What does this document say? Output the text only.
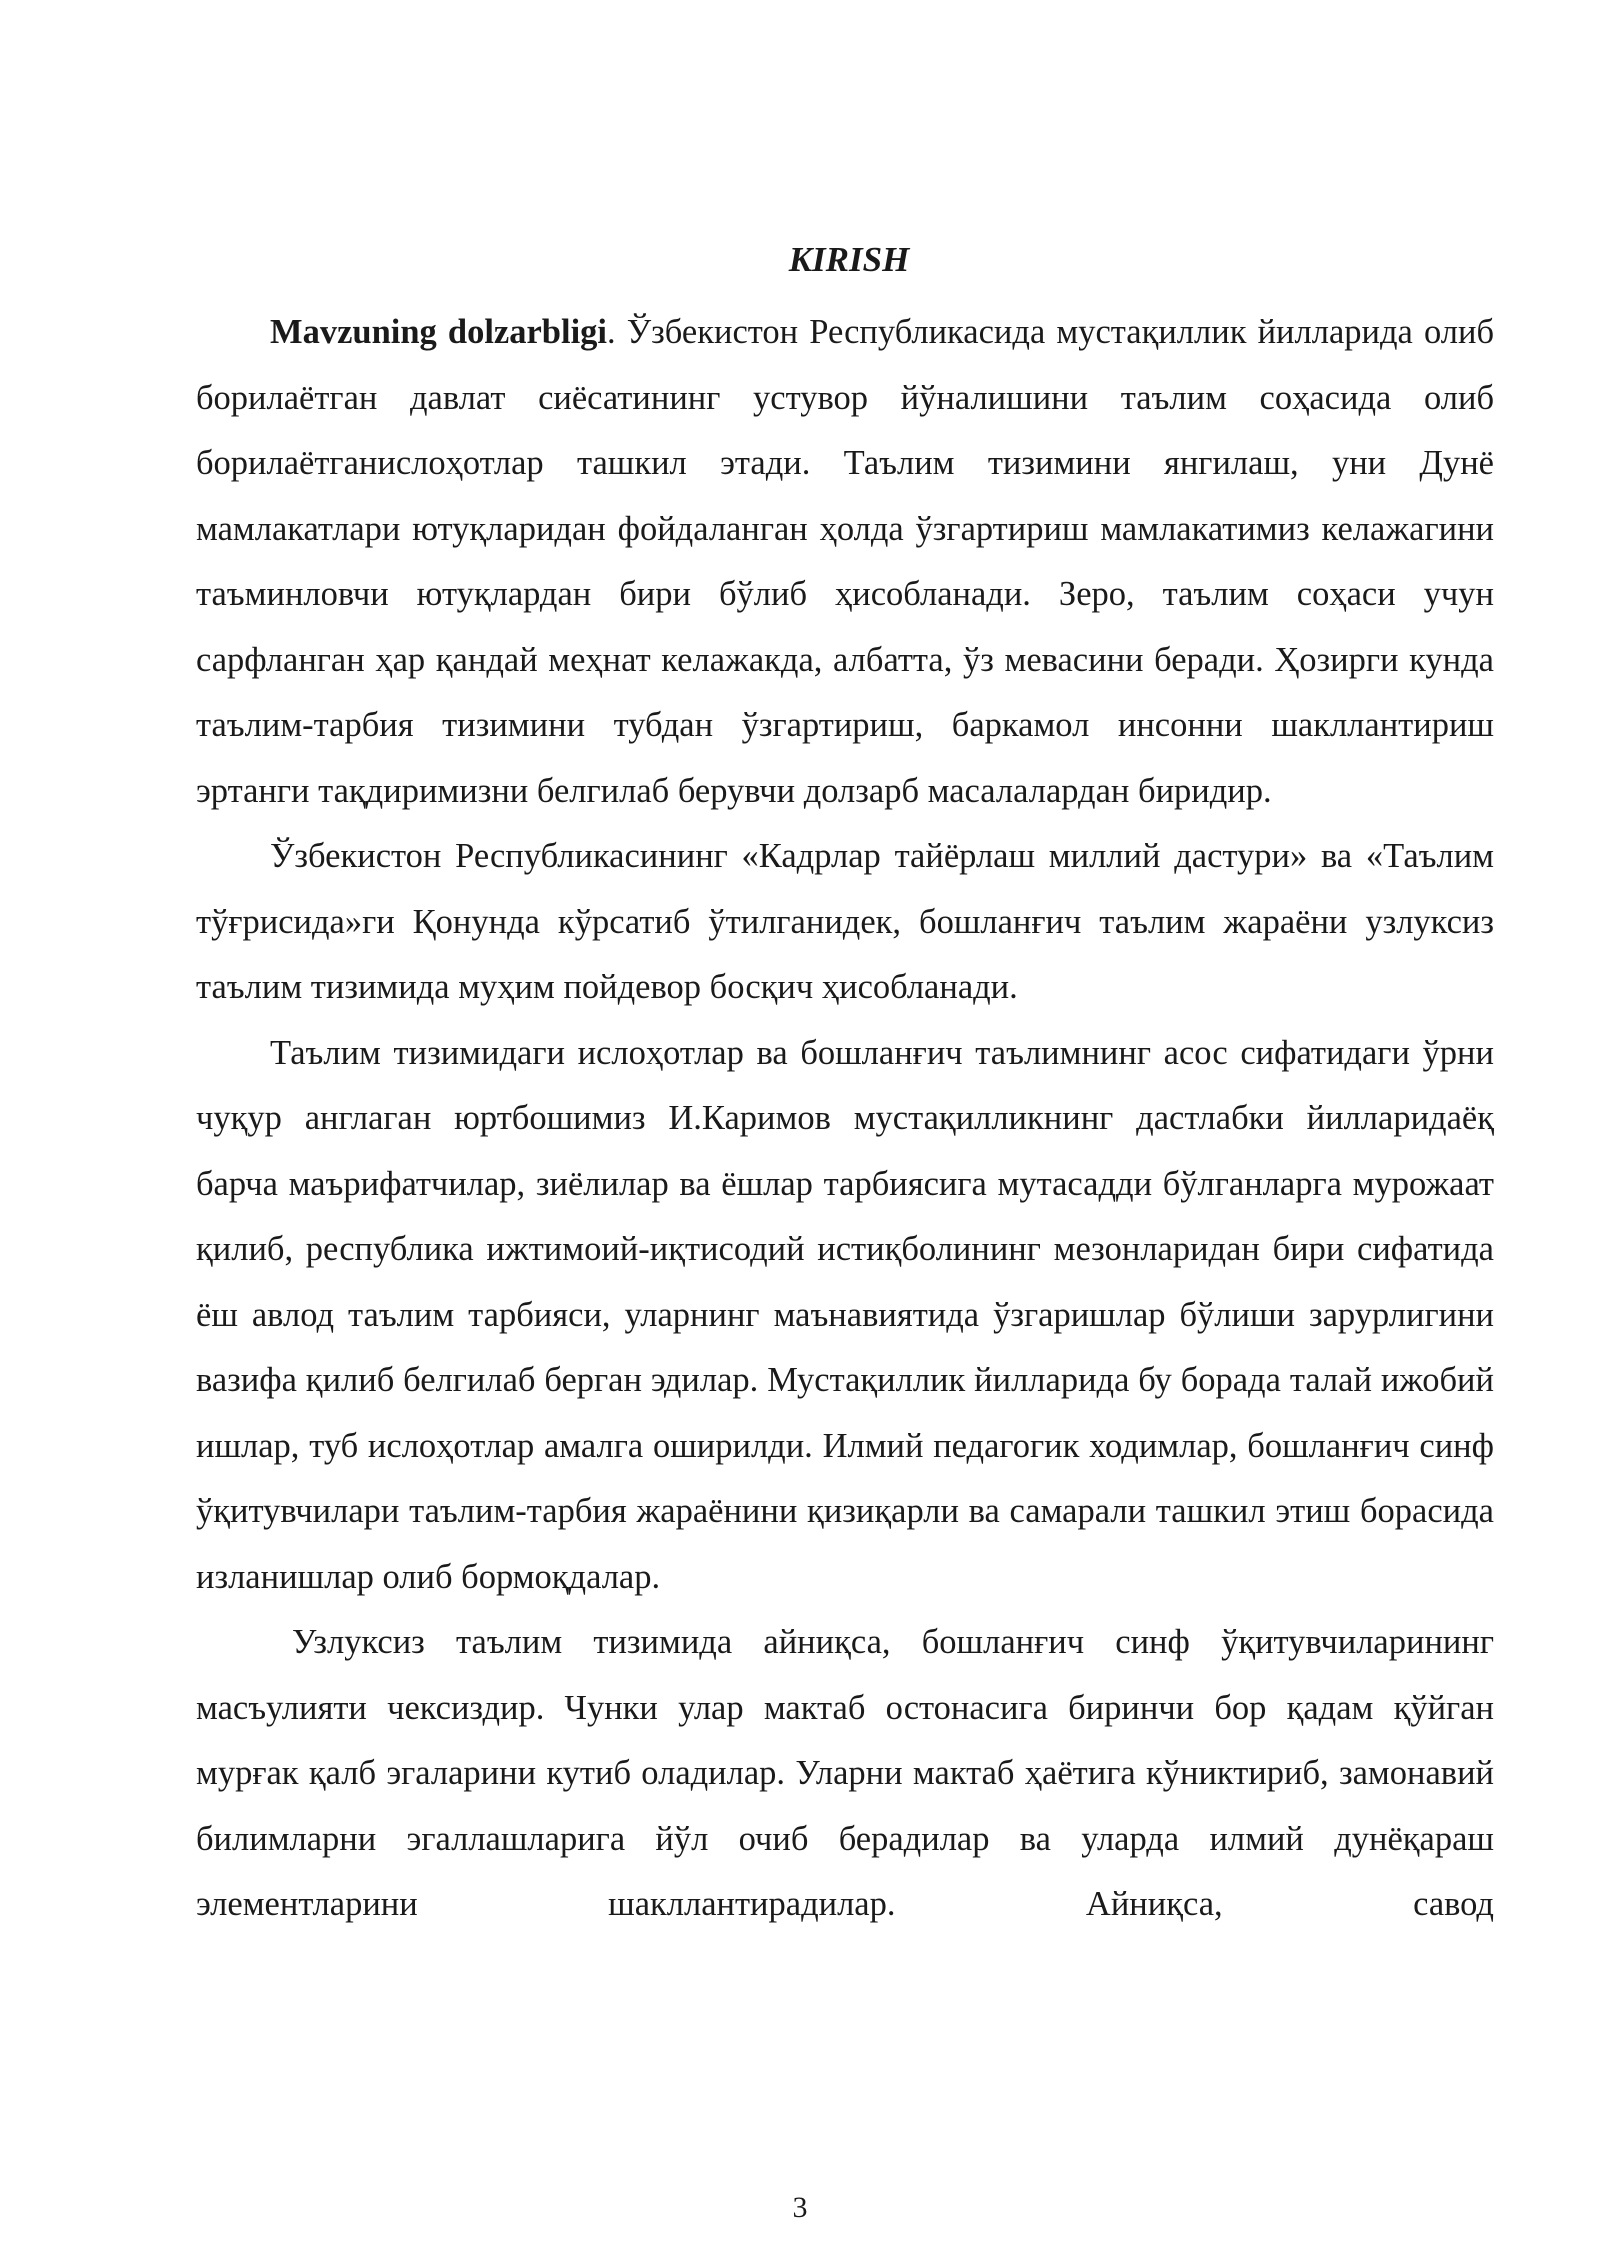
KIRISH

Mavzuning dolzarbligi. Ўзбекистон Республикасида мустақиллик йилларида олиб борилаётган давлат сиёсатининг устувор йўналишини таълим соҳасида олиб борилаётганислоҳотлар ташкил этади. Таълим тизимини янгилаш, уни Дунё мамлакатлари ютуқларидан фойдаланган ҳолда ўзгартириш мамлакатимиз келажагини таъминловчи ютуқлардан бири бўлиб ҳисобланади. Зеро, таълим соҳаси учун сарфланган ҳар қандай меҳнат келажакда, албатта, ўз мевасини беради. Ҳозирги кунда таълим-тарбия тизимини тубдан ўзгартириш, баркамол инсонни шакллантириш эртанги тақдиримизни белгилаб берувчи долзарб масалалардан биридир.

Ўзбекистон Республикасининг «Кадрлар тайёрлаш миллий дастури» ва «Таълим тўғрисида»ги Қонунда кўрсатиб ўтилганидек, бошланғич таълим жараёни узлуксиз таълим тизимида муҳим пойдевор босқич ҳисобланади.

Таълим тизимидаги ислоҳотлар ва бошланғич таълимнинг асос сифатидаги ўрни чуқур англаган юртбошимиз И.Каримов мустақилликнинг дастлабки йилларидаёқ барча маърифатчилар, зиёлилар ва ёшлар тарбиясига мутасадди бўлганларга мурожаат қилиб, республика ижтимоий-иқтисодий истиқболининг мезонларидан бири сифатида ёш авлод таълим тарбияси, уларнинг маънавиятида ўзгаришлар бўлиши зарурлигини вазифа қилиб белгилаб берган эдилар. Мустақиллик йилларида бу борада талай ижобий ишлар, туб ислоҳотлар амалга оширилди. Илмий педагогик ходимлар, бошланғич синф ўқитувчилари таълим-тарбия жараёнини қизиқарли ва самарали ташкил этиш борасида изланишлар олиб бормоқдалар.

Узлуксиз таълим тизимида айниқса, бошланғич синф ўқитувчиларининг масъулияти чексиздир. Чунки улар мактаб остонасига биринчи бор қадам қўйган мурғак қалб эгаларини кутиб оладилар. Уларни мактаб ҳаётига кўниктириб, замонавий билимларни эгаллашларига йўл очиб берадилар ва уларда илмий дунёқараш элементларини шакллантирадилар. Айниқса, савод

3
